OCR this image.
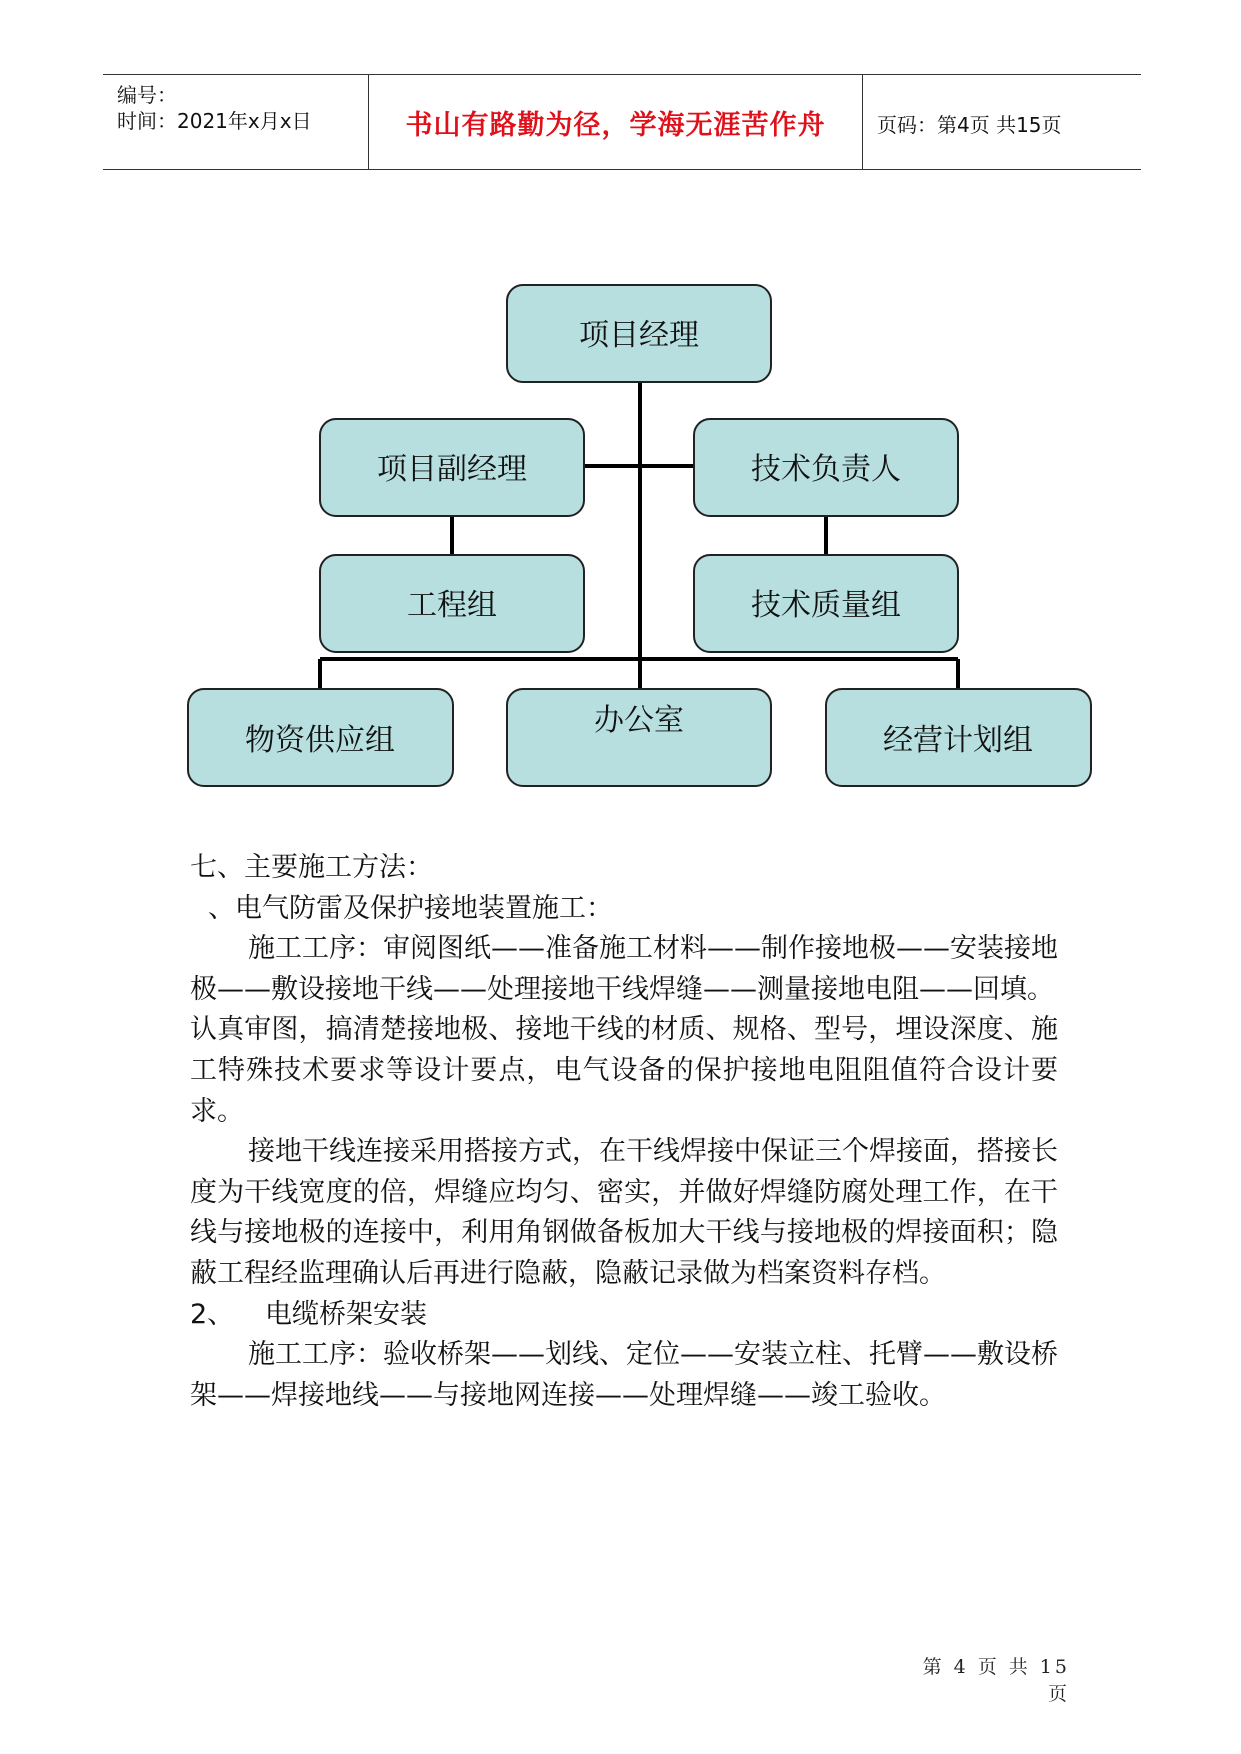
编号：
时间：2021年x月x日	书山有路勤为径，学海无涯苦作舟	页码：第4页 共15页
项目经理
项目副经理	技术负责人
工程组	技术质量组
物资供应组
办公室
经营计划组

七、主要施工方法：

、电气防雷及保护接地装置施工：

施工工序：审阅图纸——准备施工材料——制作接地极——安装接地极——敷设接地干线——处理接地干线焊缝——测量接地电阻——回填。

认真审图，搞清楚接地极、接地干线的材质、规格、型号，埋设深度、施工特殊技术要求等设计要点，电气设备的保护接地电阻阻值符合设计要求。

接地干线连接采用搭接方式，在干线焊接中保证三个焊接面，搭接长度为干线宽度的倍，焊缝应均匀、密实，并做好焊缝防腐处理工作，在干线与接地极的连接中，利用角钢做备板加大干线与接地极的焊接面积；隐蔽工程经监理确认后再进行隐蔽，隐蔽记录做为档案资料存档。

2、 电缆桥架安装

施工工序：验收桥架——划线、定位——安装立柱、托臂——敷设桥架——焊接地线——与接地网连接——处理焊缝——竣工验收。

第 4 页 共 15 页
